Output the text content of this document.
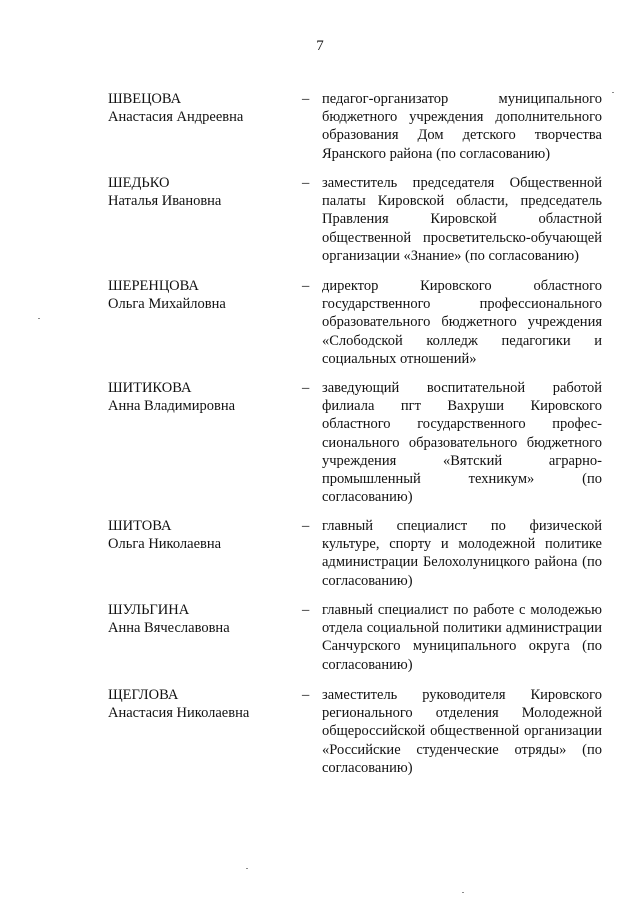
7
ШВЕЦОВА
Анастасия Андреевна
– педагог-организатор муниципального бюджетного учреждения дополнительного образования Дом детского творчества Яранского района (по согласованию)
ШЕДЬКО
Наталья Ивановна
– заместитель председателя Общественной палаты Кировской области, председатель Правления Кировской областной общественной просветительско-обучающей организации «Знание» (по согласованию)
ШЕРЕНЦОВА
Ольга Михайловна
– директор Кировского областного государственного профессионального образовательного бюджетного учреждения «Слободской колледж педагогики и социальных отношений»
ШИТИКОВА
Анна Владимировна
– заведующий воспитательной работой филиала пгт Вахруши Кировского областного государственного профессионального образовательного бюджетного учреждения «Вятский аграрно-промышленный техникум» (по согласованию)
ШИТОВА
Ольга Николаевна
– главный специалист по физической культуре, спорту и молодежной политике администрации Белохолуницкого района (по согласованию)
ШУЛЬГИНА
Анна Вячеславовна
– главный специалист по работе с молодежью отдела социальной политики администрации Санчурского муниципального округа (по согласованию)
ЩЕГЛОВА
Анастасия Николаевна
– заместитель руководителя Кировского регионального отделения Молодежной общероссийской общественной организации «Российские студенческие отряды» (по согласованию)
